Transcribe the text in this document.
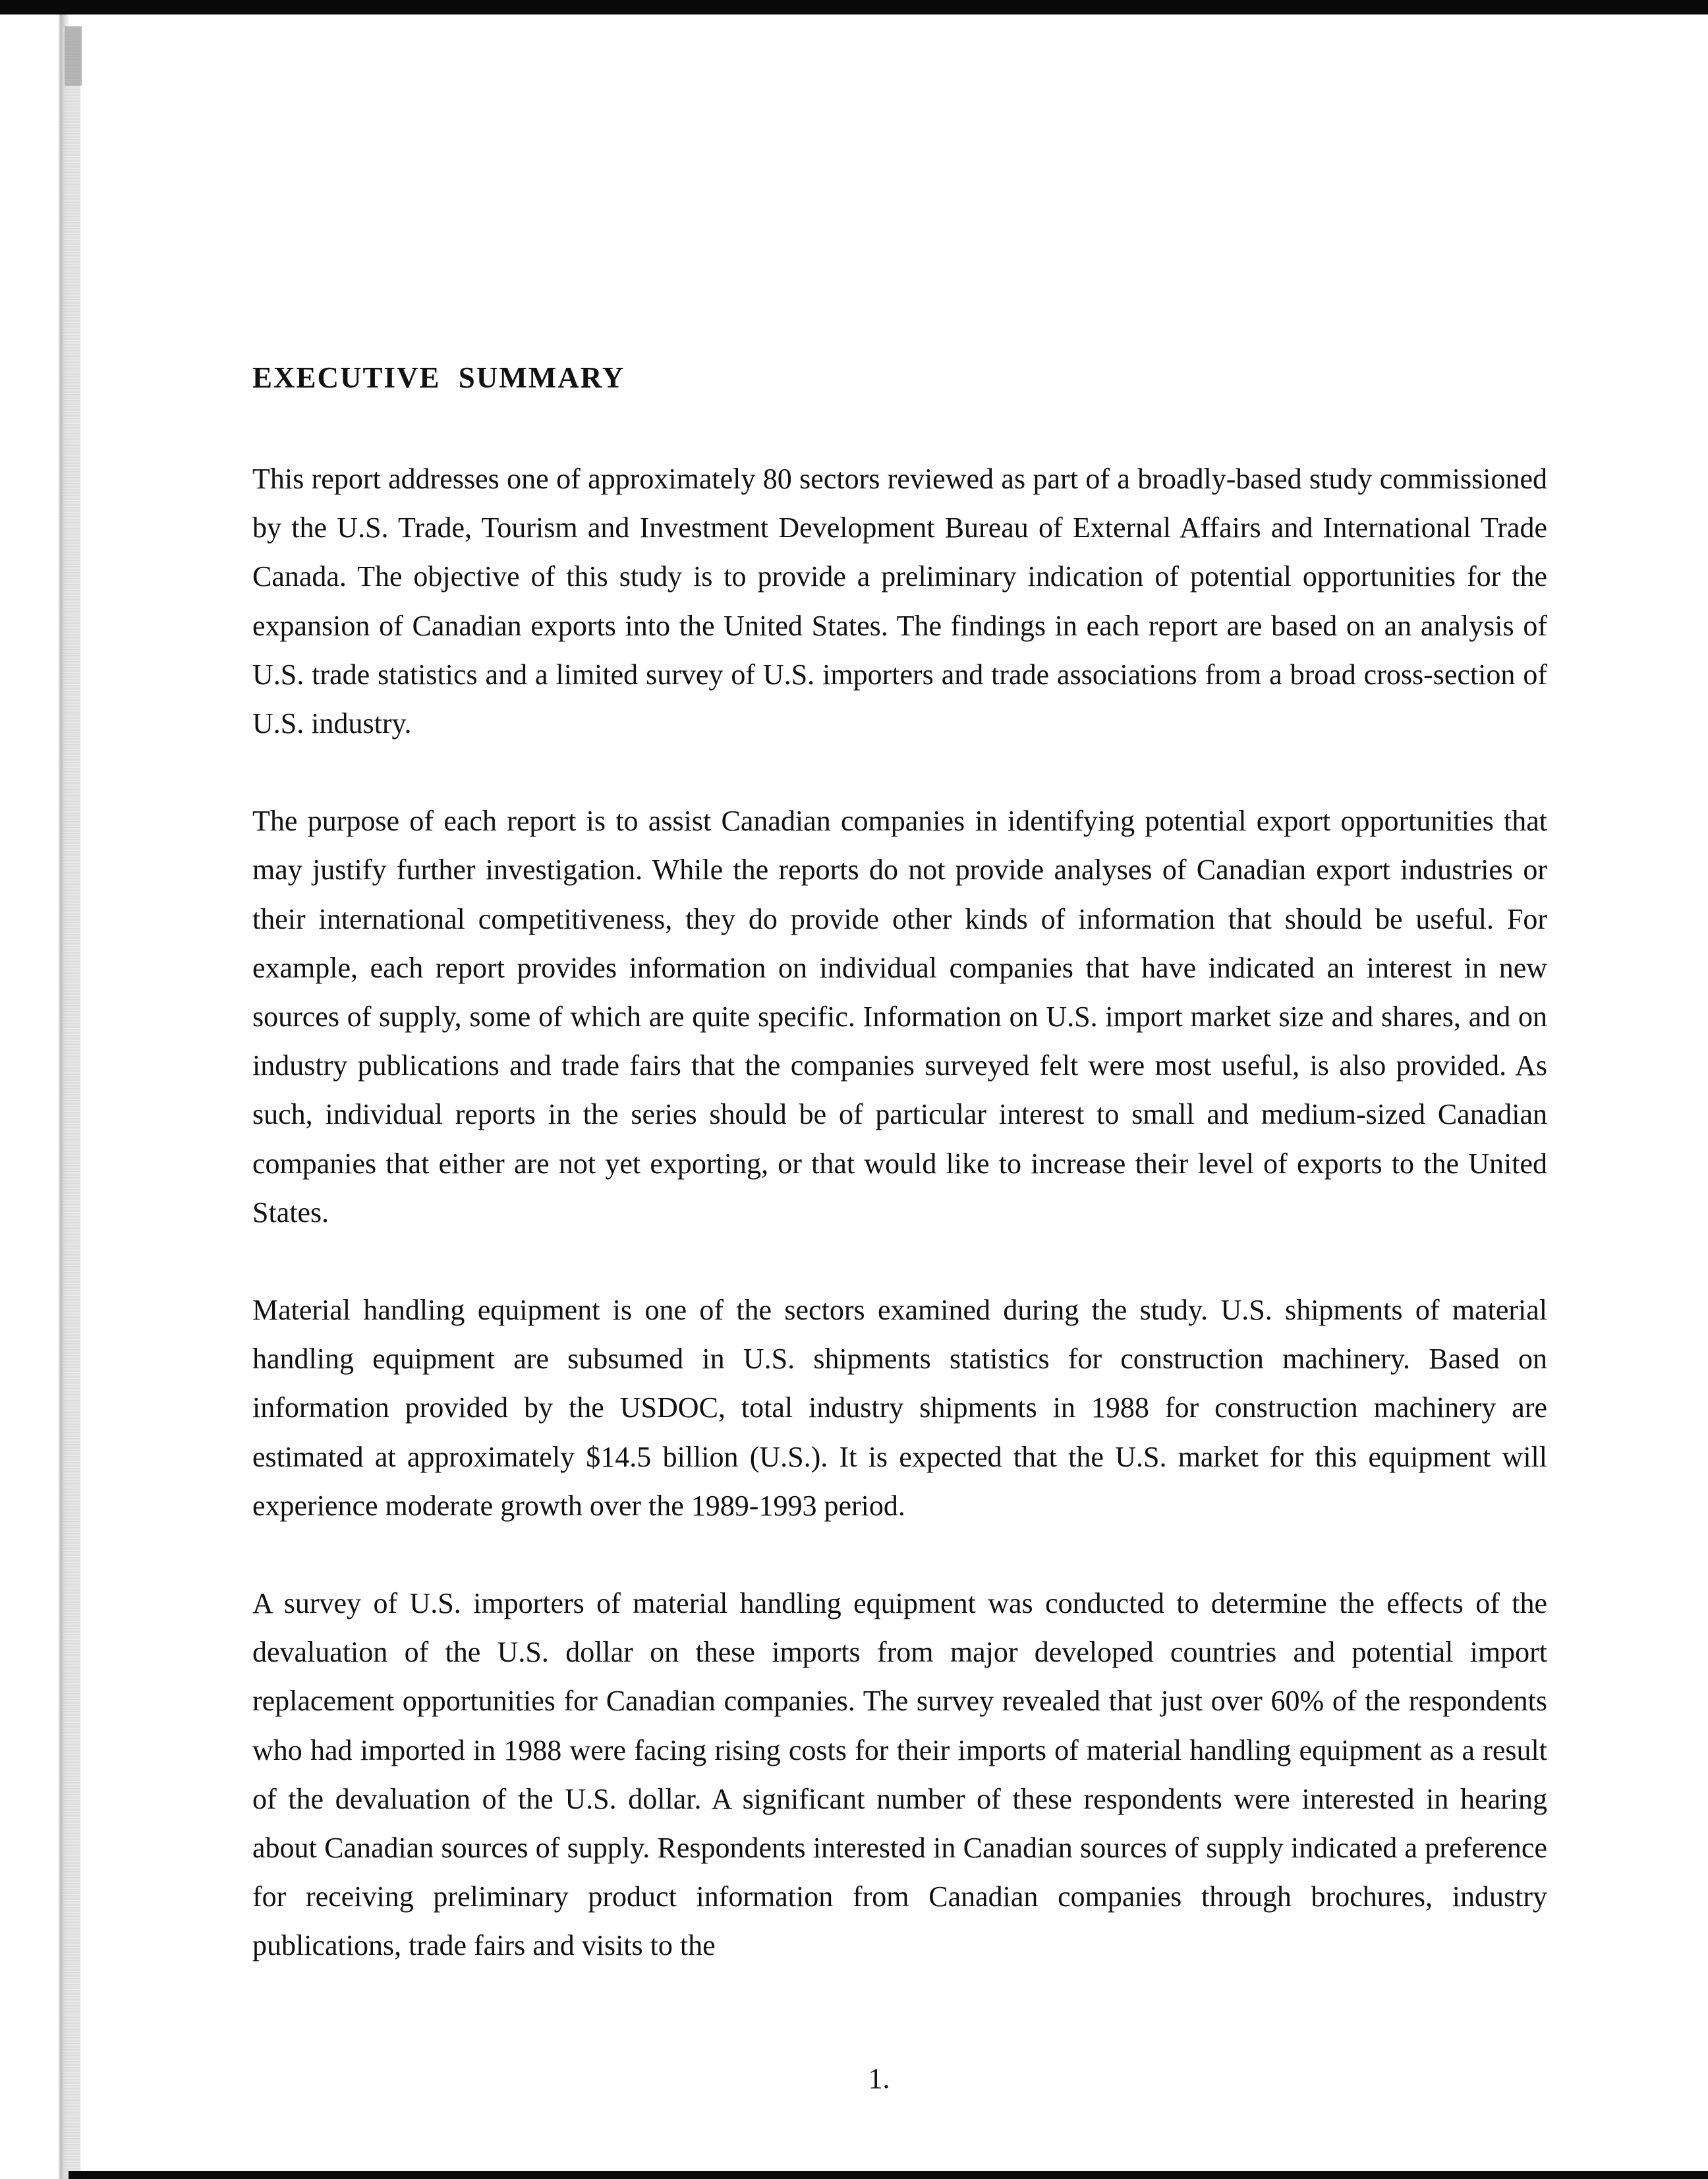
EXECUTIVE SUMMARY

This report addresses one of approximately 80 sectors reviewed as part of a broadly-based study commissioned by the U.S. Trade, Tourism and Investment Development Bureau of External Affairs and International Trade Canada. The objective of this study is to provide a preliminary indication of potential opportunities for the expansion of Canadian exports into the United States. The findings in each report are based on an analysis of U.S. trade statistics and a limited survey of U.S. importers and trade associations from a broad cross-section of U.S. industry.

The purpose of each report is to assist Canadian companies in identifying potential export opportunities that may justify further investigation. While the reports do not provide analyses of Canadian export industries or their international competitiveness, they do provide other kinds of information that should be useful. For example, each report provides information on individual companies that have indicated an interest in new sources of supply, some of which are quite specific. Information on U.S. import market size and shares, and on industry publications and trade fairs that the companies surveyed felt were most useful, is also provided. As such, individual reports in the series should be of particular interest to small and medium-sized Canadian companies that either are not yet exporting, or that would like to increase their level of exports to the United States.

Material handling equipment is one of the sectors examined during the study. U.S. shipments of material handling equipment are subsumed in U.S. shipments statistics for construction machinery. Based on information provided by the USDOC, total industry shipments in 1988 for construction machinery are estimated at approximately $14.5 billion (U.S.). It is expected that the U.S. market for this equipment will experience moderate growth over the 1989-1993 period.

A survey of U.S. importers of material handling equipment was conducted to determine the effects of the devaluation of the U.S. dollar on these imports from major developed countries and potential import replacement opportunities for Canadian companies. The survey revealed that just over 60% of the respondents who had imported in 1988 were facing rising costs for their imports of material handling equipment as a result of the devaluation of the U.S. dollar. A significant number of these respondents were interested in hearing about Canadian sources of supply. Respondents interested in Canadian sources of supply indicated a preference for receiving preliminary product information from Canadian companies through brochures, industry publications, trade fairs and visits to the

1.
